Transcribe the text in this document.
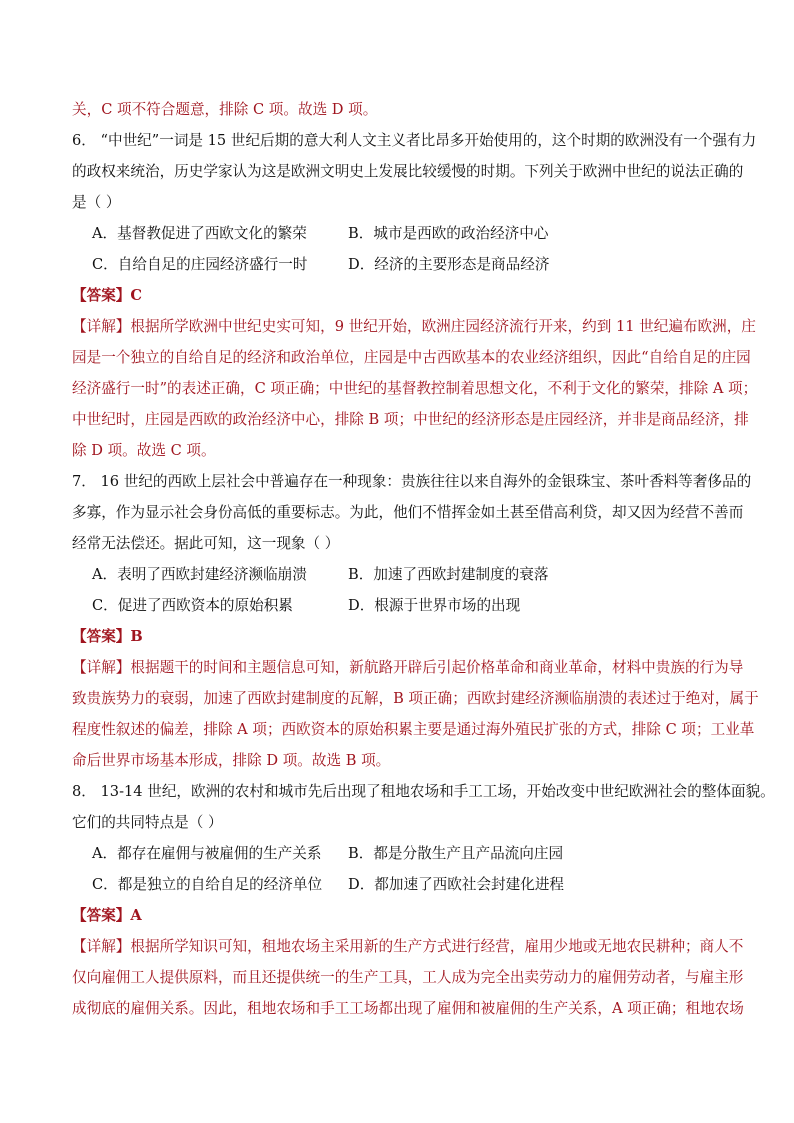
关，C 项不符合题意，排除 C 项。故选 D 项。
6． “中世纪”一词是 15 世纪后期的意大利人文主义者比昂多开始使用的，这个时期的欧洲没有一个强有力
的政权来统治，历史学家认为这是欧洲文明史上发展比较缓慢的时期。下列关于欧洲中世纪的说法正确的
是（ ）
A．基督教促进了西欧文化的繁荣	B．城市是西欧的政治经济中心
C．自给自足的庄园经济盛行一时	D．经济的主要形态是商品经济
【答案】C
【详解】根据所学欧洲中世纪史实可知，9 世纪开始，欧洲庄园经济流行开来，约到 11 世纪遍布欧洲，庄
园是一个独立的自给自足的经济和政治单位，庄园是中古西欧基本的农业经济组织，因此“自给自足的庄园
经济盛行一时”的表述正确，C 项正确；中世纪的基督教控制着思想文化，不利于文化的繁荣，排除 A 项；
中世纪时，庄园是西欧的政治经济中心，排除 B 项；中世纪的经济形态是庄园经济，并非是商品经济，排
除 D 项。故选 C 项。
7． 16 世纪的西欧上层社会中普遍存在一种现象：贵族往往以来自海外的金银珠宝、茶叶香料等奢侈品的
多寡，作为显示社会身份高低的重要标志。为此，他们不惜挥金如土甚至借高利贷，却又因为经营不善而
经常无法偿还。据此可知，这一现象（ ）
A．表明了西欧封建经济濒临崩溃	B．加速了西欧封建制度的衰落
C．促进了西欧资本的原始积累	D．根源于世界市场的出现
【答案】B
【详解】根据题干的时间和主题信息可知，新航路开辟后引起价格革命和商业革命，材料中贵族的行为导
致贵族势力的衰弱，加速了西欧封建制度的瓦解，B 项正确；西欧封建经济濒临崩溃的表述过于绝对，属于
程度性叙述的偏差，排除 A 项；西欧资本的原始积累主要是通过海外殖民扩张的方式，排除 C 项；工业革
命后世界市场基本形成，排除 D 项。故选 B 项。
8． 13-14 世纪，欧洲的农村和城市先后出现了租地农场和手工工场，开始改变中世纪欧洲社会的整体面貌。
它们的共同特点是（ ）
A．都存在雇佣与被雇佣的生产关系 B．都是分散生产且产品流向庄园
C．都是独立的自给自足的经济单位 D．都加速了西欧社会封建化进程
【答案】A
【详解】根据所学知识可知，租地农场主采用新的生产方式进行经营，雇用少地或无地农民耕种；商人不
仅向雇佣工人提供原料，而且还提供统一的生产工具，工人成为完全出卖劳动力的雇佣劳动者，与雇主形
成彻底的雇佣关系。因此，租地农场和手工工场都出现了雇佣和被雇佣的生产关系，A 项正确；租地农场
